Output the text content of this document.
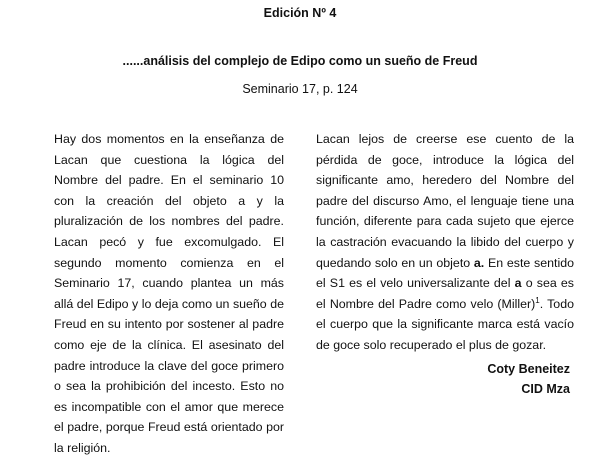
Edición Nº 4
......análisis del complejo de Edipo como un sueño de Freud
Seminario 17, p. 124

Hay dos momentos en la enseñanza de Lacan que cuestiona la lógica del Nombre del padre. En el seminario 10 con la creación del objeto a y la pluralización de los nombres del padre. Lacan pecó y fue excomulgado. El segundo momento comienza en el Seminario 17, cuando plantea un más allá del Edipo y lo deja como un sueño de Freud en su intento por sostener al padre como eje de la clínica. El asesinato del padre introduce la clave del goce primero o sea la prohibición del incesto. Esto no es incompatible con el amor que merece el padre, porque Freud está orientado por la religión.

Lacan lejos de creerse ese cuento de la pérdida de goce, introduce la lógica del significante amo, heredero del Nombre del padre del discurso Amo, el lenguaje tiene una función, diferente para cada sujeto que ejerce la castración evacuando la libido del cuerpo y quedando solo en un objeto a. En este sentido el S1 es el velo universalizante del a o sea es el Nombre del Padre como velo (Miller)$^1$. Todo el cuerpo que la significante marca está vacío de goce solo recuperado el plus de gozar.

Coty Beneitez
CID Mza
